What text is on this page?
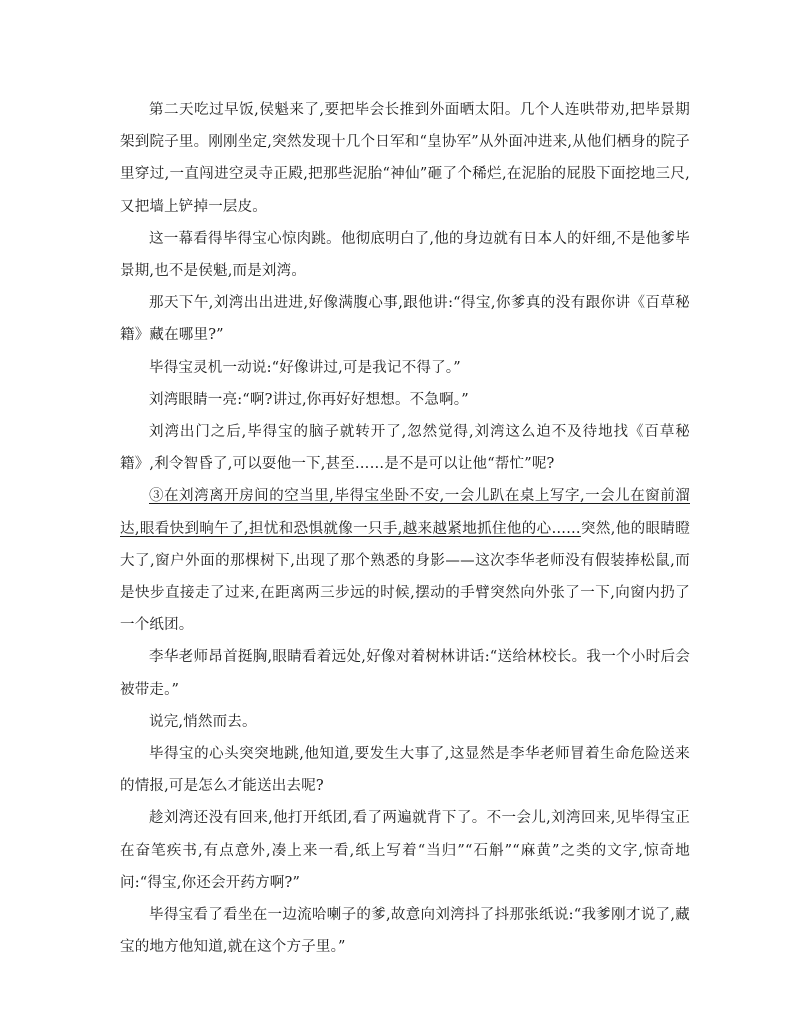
第二天吃过早饭,侯魁来了,要把毕会长推到外面晒太阳。几个人连哄带劝,把毕景期架到院子里。刚刚坐定,突然发现十几个日军和“皇协军”从外面冲进来,从他们栖身的院子里穿过,一直闯进空灵寺正殿,把那些泥胎“神仙”砸了个稀烂,在泥胎的屁股下面挖地三尺,又把墙上铲掉一层皮。

这一幕看得毕得宝心惊肉跳。他彻底明白了,他的身边就有日本人的奸细,不是他爹毕景期,也不是侯魁,而是刘湾。

那天下午,刘湾出出进进,好像满腹心事,跟他讲:“得宝,你爹真的没有跟你讲《百草秘籍》藏在哪里?”

毕得宝灵机一动说:“好像讲过,可是我记不得了。”

刘湾眼睛一亮:“啊?讲过,你再好好想想。不急啊。”

刘湾出门之后,毕得宝的脑子就转开了,忽然觉得,刘湾这么迫不及待地找《百草秘籍》,利令智昏了,可以耍他一下,甚至……是不是可以让他“帮忙”呢?

③在刘湾离开房间的空当里,毕得宝坐卧不安,一会儿趴在桌上写字,一会儿在窗前溜达,眼看快到晌午了,担忧和恐惧就像一只手,越来越紧地抓住他的心……突然,他的眼睛瞪大了,窗户外面的那棵树下,出现了那个熟悉的身影——这次李华老师没有假装捧松鼠,而是快步直接走了过来,在距离两三步远的时候,摆动的手臂突然向外张了一下,向窗内扔了一个纸团。

李华老师昂首挺胸,眼睛看着远处,好像对着树林讲话:“送给林校长。我一个小时后会被带走。”

说完,悄然而去。

毕得宝的心头突突地跳,他知道,要发生大事了,这显然是李华老师冒着生命危险送来的情报,可是怎么才能送出去呢?

趁刘湾还没有回来,他打开纸团,看了两遍就背下了。不一会儿,刘湾回来,见毕得宝正在奋笔疾书,有点意外,凑上来一看,纸上写着“当归”“石斛”“麻黄”之类的文字,惊奇地问:“得宝,你还会开药方啊?”

毕得宝看了看坐在一边流哈喇子的爹,故意向刘湾抖了抖那张纸说:“我爹刚才说了,藏宝的地方他知道,就在这个方子里。”
